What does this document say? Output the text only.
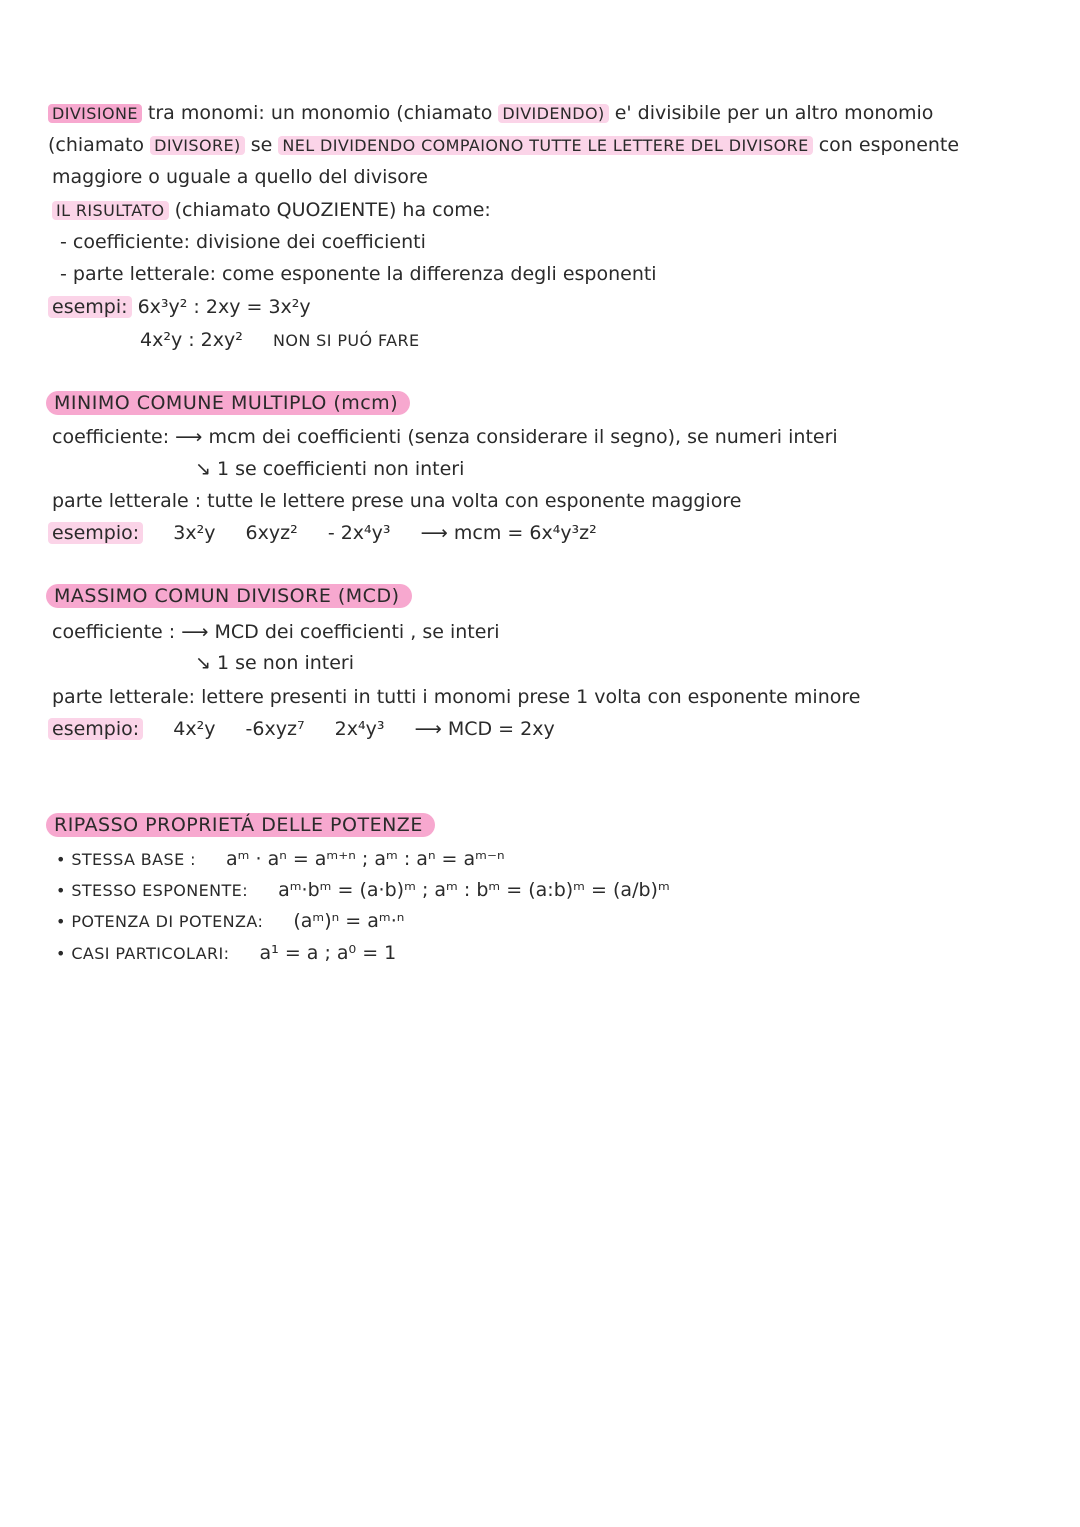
DIVISIONE tra monomi: un monomio (chiamato DIVIDENDO) e' divisibile per un altro monomio
(chiamato DIVISORE) se NEL DIVIDENDO COMPAIONO TUTTE LE LETTERE DEL DIVISORE con esponente
maggiore o uguale a quello del divisore
IL RISULTATO (chiamato QUOZIENTE) ha come:
- coefficiente: divisione dei coefficienti
- parte letterale: come esponente la differenza degli esponenti
esempi: 6x³y² : 2xy = 3x²y
4x²y : 2xy² NON SI PUÓ FARE
MINIMO COMUNE MULTIPLO (mcm)
coefficiente: ⟶ mcm dei coefficienti (senza considerare il segno), se numeri interi
↘ 1 se coefficienti non interi
parte letterale : tutte le lettere prese una volta con esponente maggiore
esempio: 3x²y 6xyz² - 2x⁴y³ ⟶ mcm = 6x⁴y³z²
MASSIMO COMUN DIVISORE (MCD)
coefficiente : ⟶ MCD dei coefficienti , se interi
↘ 1 se non interi
parte letterale: lettere presenti in tutti i monomi prese 1 volta con esponente minore
esempio: 4x²y -6xyz⁷ 2x⁴y³ ⟶ MCD = 2xy
RIPASSO PROPRIETÁ DELLE POTENZE
• STESSA BASE : aᵐ · aⁿ = aᵐ⁺ⁿ ; aᵐ : aⁿ = aᵐ⁻ⁿ
• STESSO ESPONENTE: aᵐ·bᵐ = (a·b)ᵐ ; aᵐ : bᵐ = (a:b)ᵐ = (a/b)ᵐ
• POTENZA DI POTENZA: (aᵐ)ⁿ = aᵐ·ⁿ
• CASI PARTICOLARI: a¹ = a ; a⁰ = 1
